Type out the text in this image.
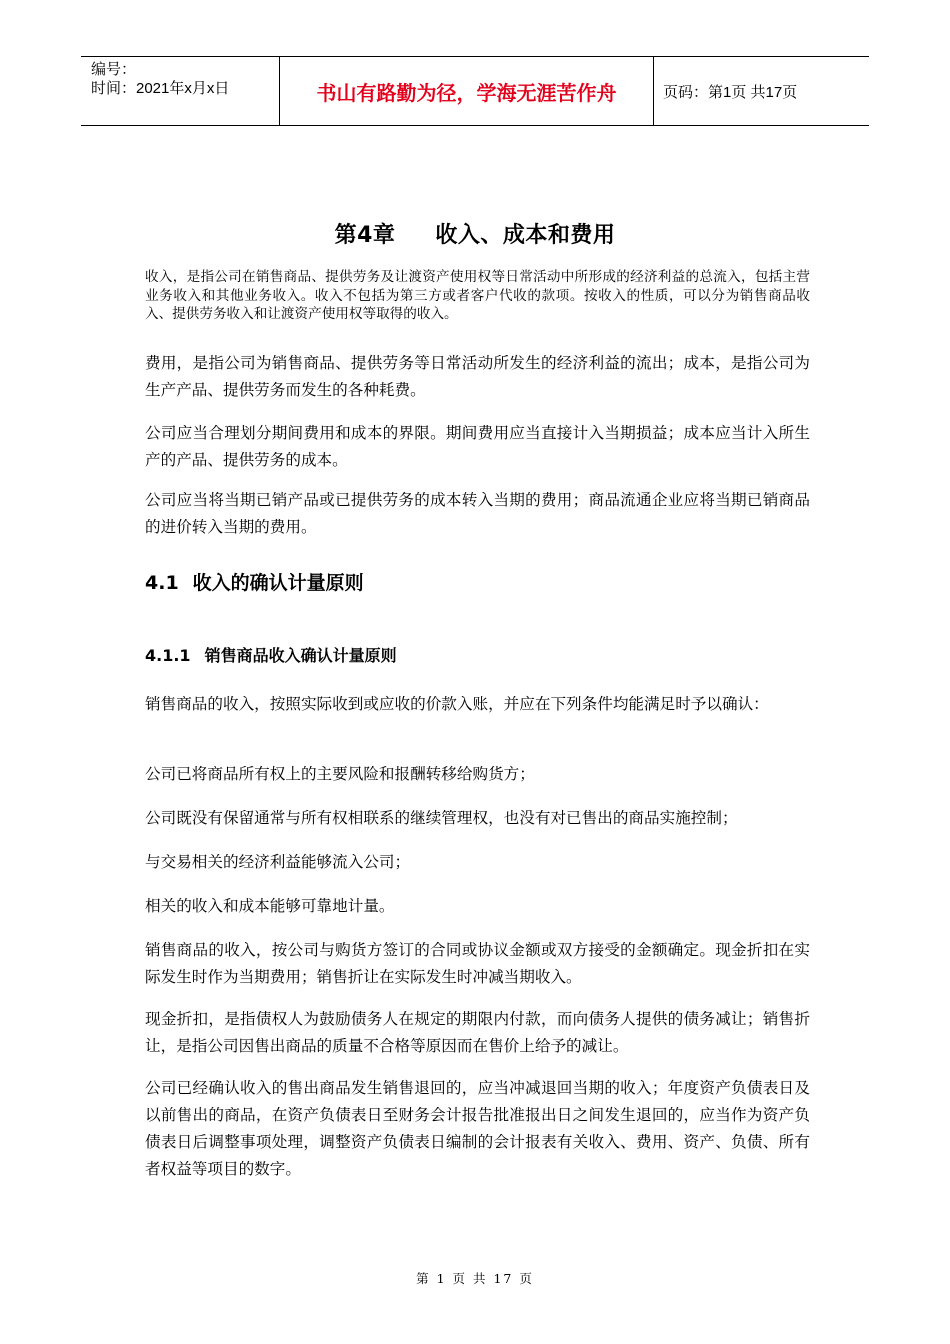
编号：
时间：2021年x月x日	书山有路勤为径，学海无涯苦作舟	页码：第1页 共17页
第4章 收入、成本和费用

收入，是指公司在销售商品、提供劳务及让渡资产使用权等日常活动中所形成的经济利益的总流入，包括主营业务收入和其他业务收入。收入不包括为第三方或者客户代收的款项。按收入的性质，可以分为销售商品收入、提供劳务收入和让渡资产使用权等取得的收入。

费用，是指公司为销售商品、提供劳务等日常活动所发生的经济利益的流出；成本，是指公司为生产产品、提供劳务而发生的各种耗费。

公司应当合理划分期间费用和成本的界限。期间费用应当直接计入当期损益；成本应当计入所生产的产品、提供劳务的成本。

公司应当将当期已销产品或已提供劳务的成本转入当期的费用；商品流通企业应将当期已销商品的进价转入当期的费用。

4.1 收入的确认计量原则
4.1.1 销售商品收入确认计量原则

销售商品的收入，按照实际收到或应收的价款入账，并应在下列条件均能满足时予以确认：

公司已将商品所有权上的主要风险和报酬转移给购货方；

公司既没有保留通常与所有权相联系的继续管理权，也没有对已售出的商品实施控制；

与交易相关的经济利益能够流入公司；

相关的收入和成本能够可靠地计量。

销售商品的收入，按公司与购货方签订的合同或协议金额或双方接受的金额确定。现金折扣在实际发生时作为当期费用；销售折让在实际发生时冲减当期收入。

现金折扣，是指债权人为鼓励债务人在规定的期限内付款，而向债务人提供的债务减让；销售折让，是指公司因售出商品的质量不合格等原因而在售价上给予的减让。

公司已经确认收入的售出商品发生销售退回的，应当冲减退回当期的收入；年度资产负债表日及以前售出的商品，在资产负债表日至财务会计报告批准报出日之间发生退回的，应当作为资产负债表日后调整事项处理，调整资产负债表日编制的会计报表有关收入、费用、资产、负债、所有者权益等项目的数字。

第 1 页 共 17 页
